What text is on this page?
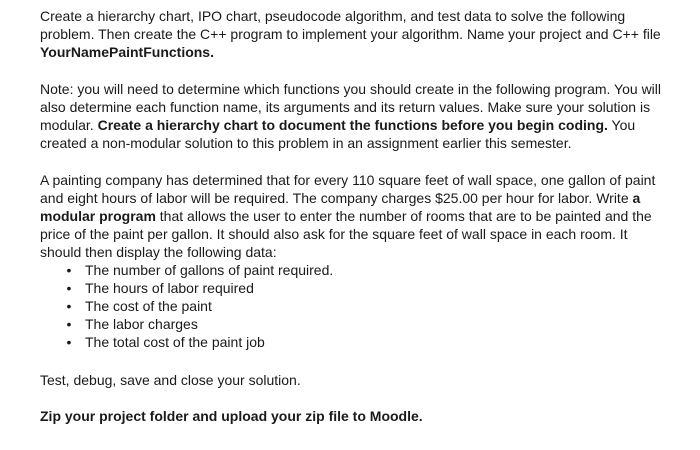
Create a hierarchy chart, IPO chart, pseudocode algorithm, and test data to solve the following problem. Then create the C++ program to implement your algorithm. Name your project and C++ file YourNamePaintFunctions.

Note: you will need to determine which functions you should create in the following program. You will also determine each function name, its arguments and its return values. Make sure your solution is modular. Create a hierarchy chart to document the functions before you begin coding. You created a non-modular solution to this problem in an assignment earlier this semester.

A painting company has determined that for every 110 square feet of wall space, one gallon of paint and eight hours of labor will be required. The company charges $25.00 per hour for labor. Write a modular program that allows the user to enter the number of rooms that are to be painted and the price of the paint per gallon. It should also ask for the square feet of wall space in each room. It should then display the following data:

• The number of gallons of paint required.
• The hours of labor required
• The cost of the paint
• The labor charges
• The total cost of the paint job

Test, debug, save and close your solution.

Zip your project folder and upload your zip file to Moodle.
